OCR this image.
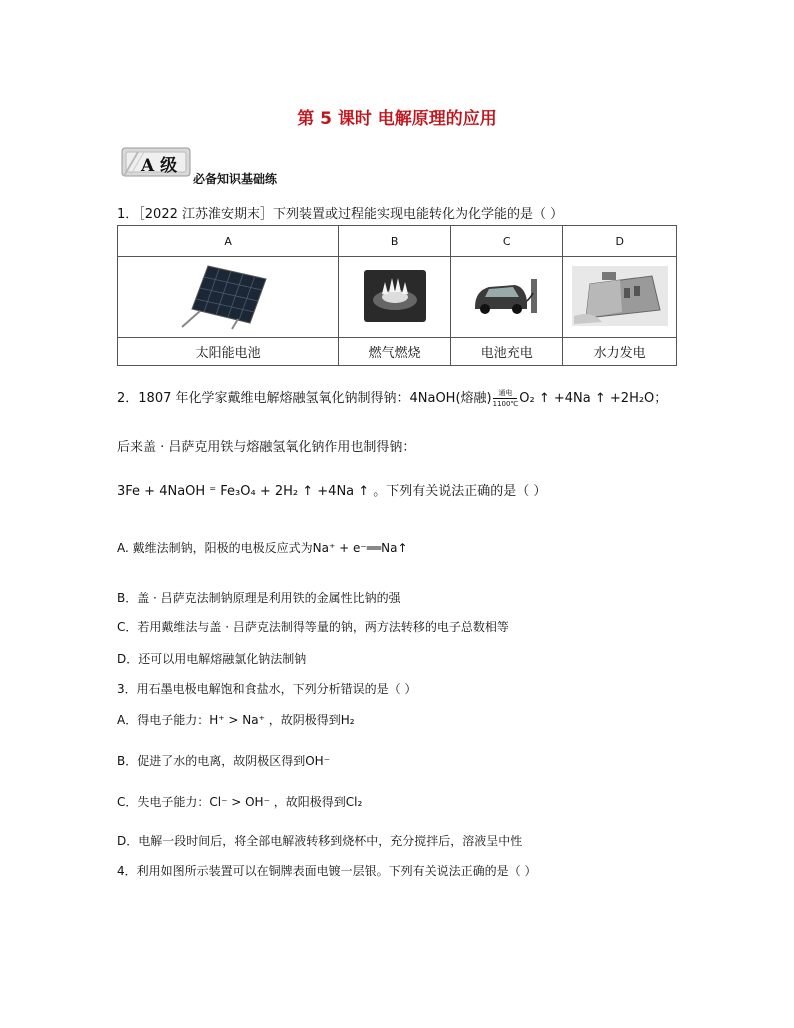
第 5 课时 电解原理的应用
A 级
必备知识基础练
1．［2022 江苏淮安期末］下列装置或过程能实现电能转化为化学能的是（ ）
A	B	C	D

太阳能电池	燃气燃烧	电池充电	水力发电
2．1807 年化学家戴维电解熔融氢氧化钠制得钠：4NaOH(熔融)$\frac{\text{通电}}{1100℃}O_2$ ↑ +4Na ↑ +2H₂O；
后来盖 · 吕萨克用铁与熔融氢氧化钠作用也制得钠：
3Fe + 4NaOH ⁼ Fe₃O₄ + 2H₂ ↑ +4Na ↑ 。下列有关说法正确的是（ ）
A. 戴维法制钠，阳极的电极反应式为Na⁺ + e⁻══Na↑
B．盖 · 吕萨克法制钠原理是利用铁的金属性比钠的强
C．若用戴维法与盖 · 吕萨克法制得等量的钠，两方法转移的电子总数相等
D．还可以用电解熔融氯化钠法制钠
3．用石墨电极电解饱和食盐水，下列分析错误的是（ ）
A．得电子能力：H⁺ > Na⁺ ，故阴极得到H₂
B．促进了水的电离，故阴极区得到OH⁻
C．失电子能力：Cl⁻ > OH⁻ ，故阳极得到Cl₂
D．电解一段时间后，将全部电解液转移到烧杯中，充分搅拌后，溶液呈中性
4．利用如图所示装置可以在铜牌表面电镀一层银。下列有关说法正确的是（ ）
